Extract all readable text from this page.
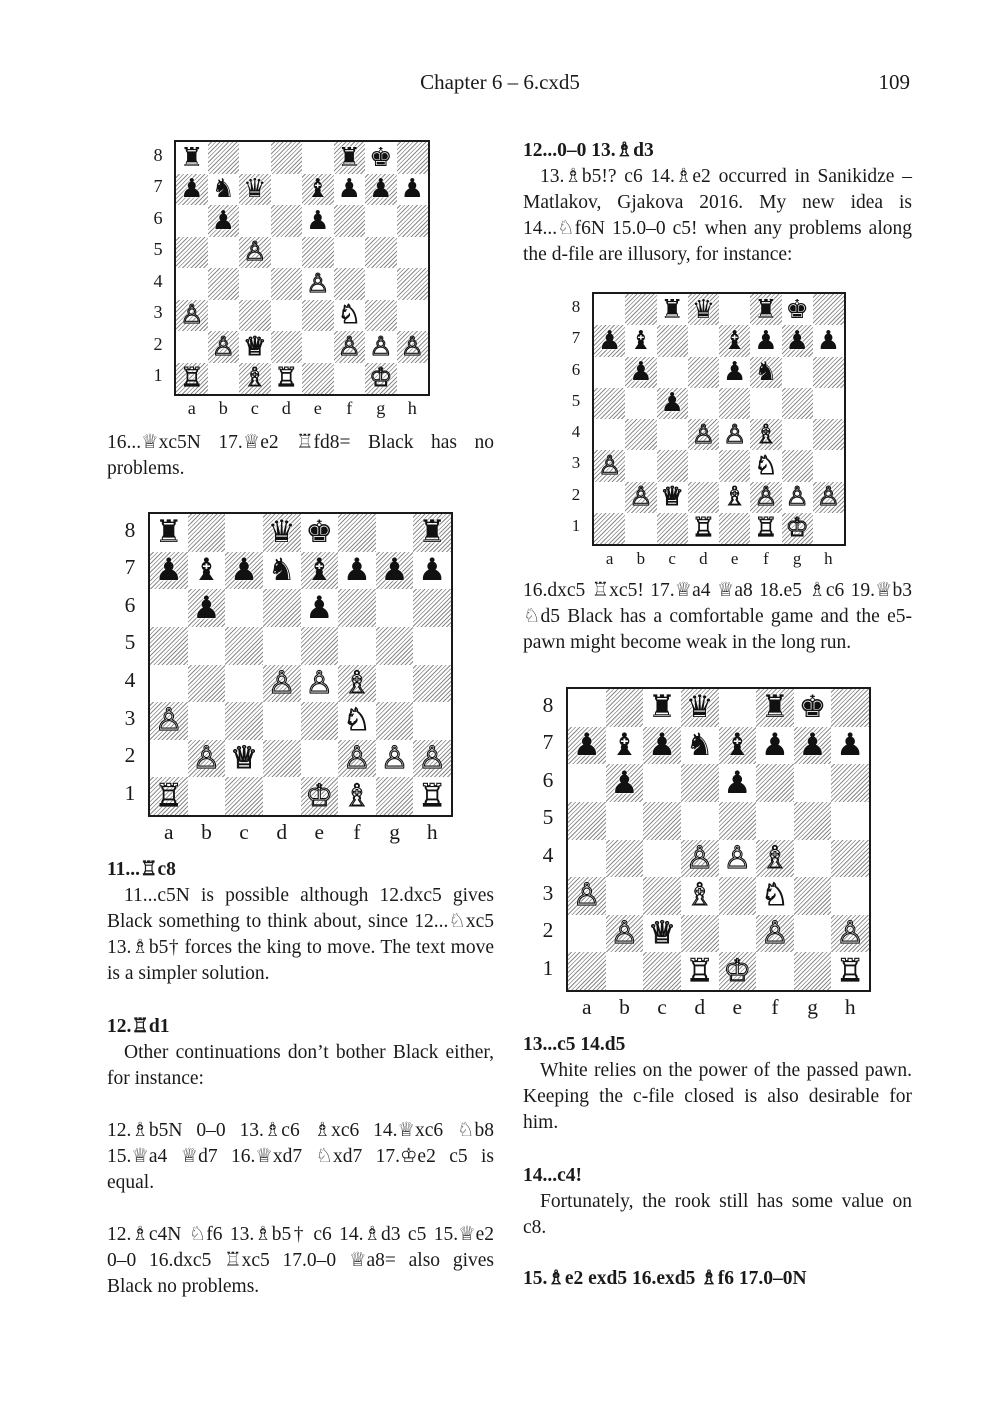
Chapter 6 – 6.cxd5	109

16...♕xc5N 17.♕e2 ♖fd8= Black has no problems.

11...♖c8

11...c5N is possible although 12.dxc5 gives Black something to think about, since 12...♘xc5 13.♗b5† forces the king to move. The text move is a simpler solution.

12.♖d1

Other continuations don’t bother Black either, for instance:

12.♗b5N 0–0 13.♗c6 ♗xc6 14.♕xc6 ♘b8 15.♕a4 ♕d7 16.♕xd7 ♘xd7 17.♔e2 c5 is equal.

12.♗c4N ♘f6 13.♗b5† c6 14.♗d3 c5 15.♕e2 0–0 16.dxc5 ♖xc5 17.0–0 ♕a8= also gives Black no problems.

12...0–0 13.♗d3

13.♗b5!? c6 14.♗e2 occurred in Sanikidze – Matlakov, Gjakova 2016. My new idea is 14...♘f6N 15.0–0 c5! when any problems along the d-file are illusory, for instance:

16.dxc5 ♖xc5! 17.♕a4 ♕a8 18.e5 ♗c6 19.♕b3 ♘d5 Black has a comfortable game and the e5-pawn might become weak in the long run.

13...c5 14.d5

White relies on the power of the passed pawn. Keeping the c-file closed is also desirable for him.

14...c4!

Fortunately, the rook still has some value on c8.

15.♗e2 exd5 16.exd5 ♗f6 17.0–0N
♜	♜ ♚
♟ ♞ ♛ ♝ ♟ ♟ ♟
♟	♟
♙
♙
♙	♘
♙ ♕	♙ ♙ ♙
♖ ♗ ♖	♔
8
7
6
5
4
3
2
1
a	b	c	d	e	f	g	h
♜	♛ ♚	♜
♟ ♝ ♟ ♞ ♝ ♟ ♟ ♟
♟	♟
♙ ♙ ♗
♙	♘
♙ ♕	♙ ♙ ♙
♖	♔ ♗ ♖
8
7
6
5
4
3
2
1
a	b	c	d	e	f	g	h
♜ ♛ ♜ ♚
♟ ♝	♝ ♟ ♟ ♟
♟	♟ ♞
♟
♙ ♙ ♗
♙	♘
♙ ♕ ♗ ♙ ♙ ♙
♖ ♖ ♔
8
7
6
5
4
3
2
1
a	b	c	d	e	f	g	h
♜ ♛ ♜ ♚
♟ ♝ ♟ ♞ ♝ ♟ ♟ ♟
♟	♟
♙ ♙ ♗
♙	♗ ♘
♙ ♕	♙ ♙
♖ ♔	♖
8
7
6
5
4
3
2
1
a	b	c	d	e	f	g	h
